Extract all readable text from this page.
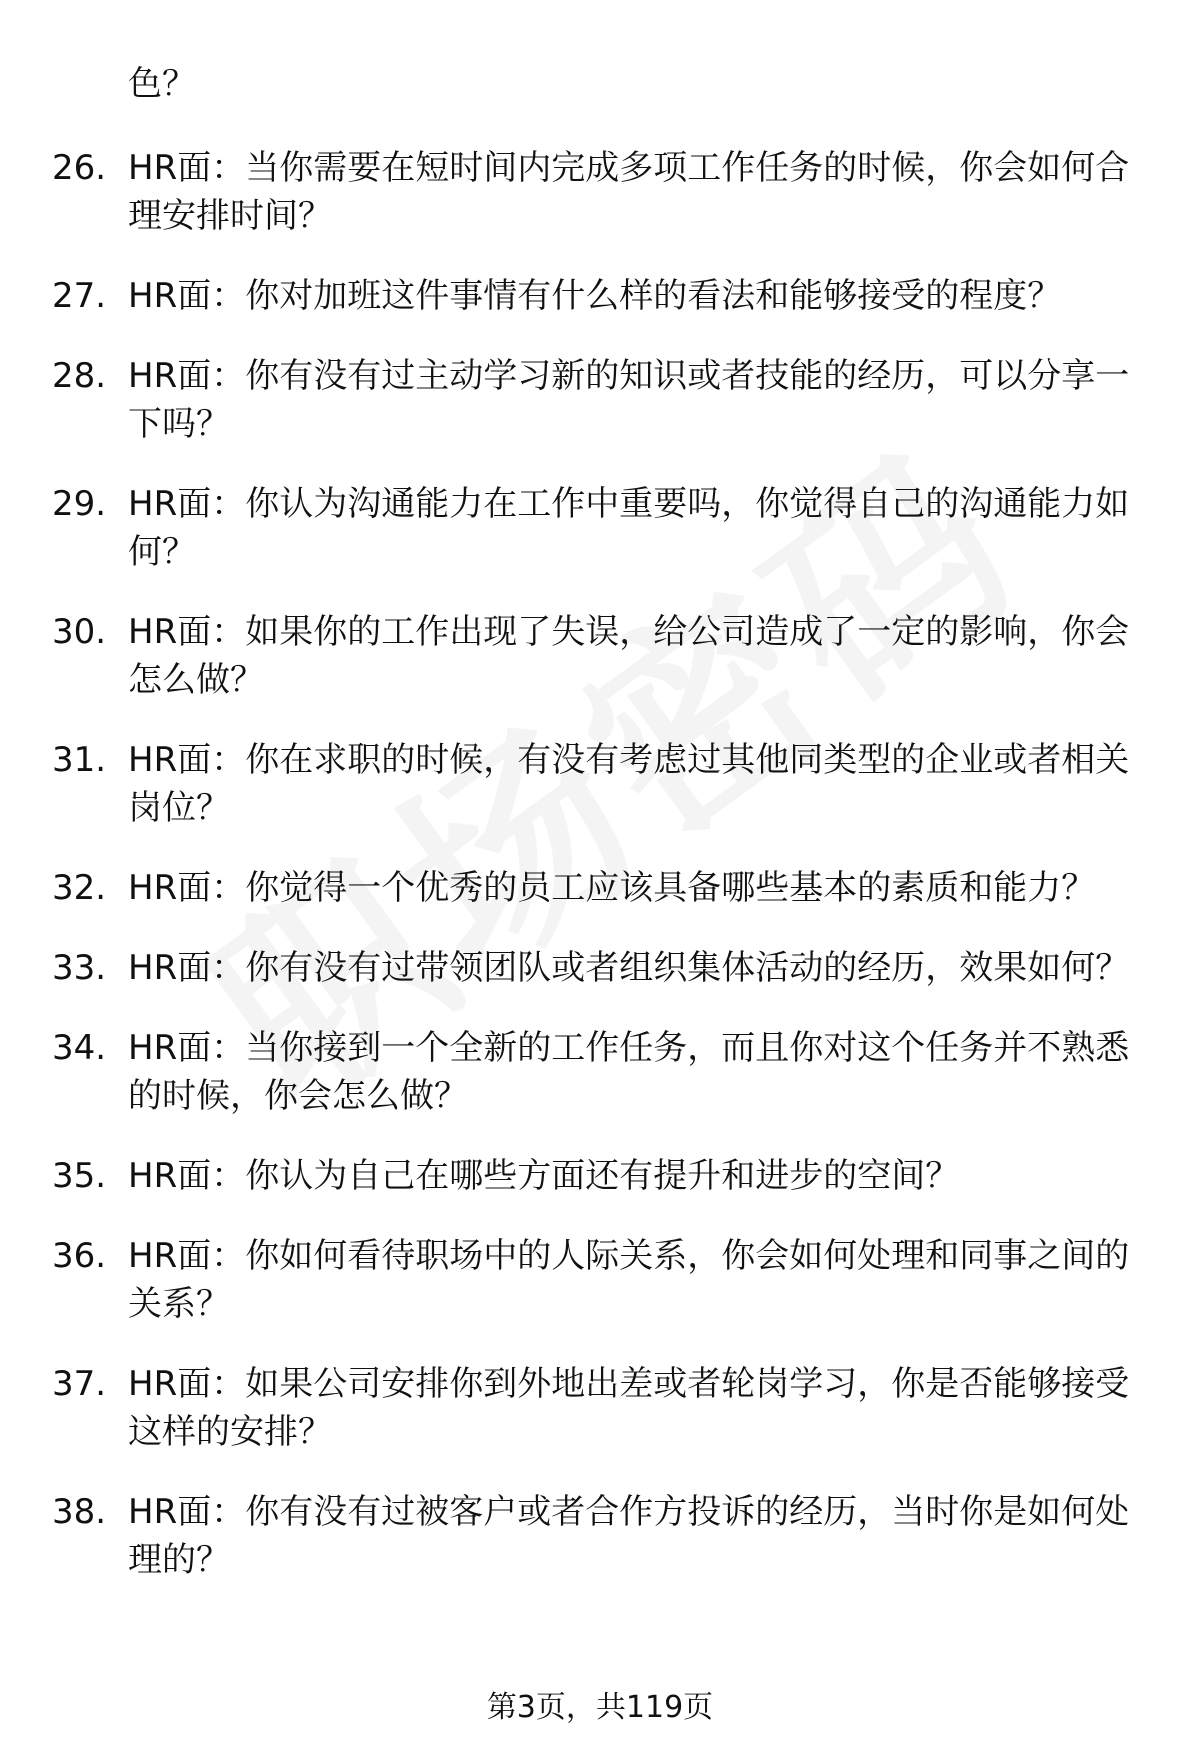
色？
26. HR面：当你需要在短时间内完成多项工作任务的时候，你会如何合理安排时间？
27. HR面：你对加班这件事情有什么样的看法和能够接受的程度？
28. HR面：你有没有过主动学习新的知识或者技能的经历，可以分享一下吗？
29. HR面：你认为沟通能力在工作中重要吗，你觉得自己的沟通能力如何？
30. HR面：如果你的工作出现了失误，给公司造成了一定的影响，你会怎么做？
31. HR面：你在求职的时候，有没有考虑过其他同类型的企业或者相关岗位？
32. HR面：你觉得一个优秀的员工应该具备哪些基本的素质和能力？
33. HR面：你有没有过带领团队或者组织集体活动的经历，效果如何？
34. HR面：当你接到一个全新的工作任务，而且你对这个任务并不熟悉的时候，你会怎么做？
35. HR面：你认为自己在哪些方面还有提升和进步的空间？
36. HR面：你如何看待职场中的人际关系，你会如何处理和同事之间的关系？
37. HR面：如果公司安排你到外地出差或者轮岗学习，你是否能够接受这样的安排？
38. HR面：你有没有过被客户或者合作方投诉的经历，当时你是如何处理的？
第3页，共119页
